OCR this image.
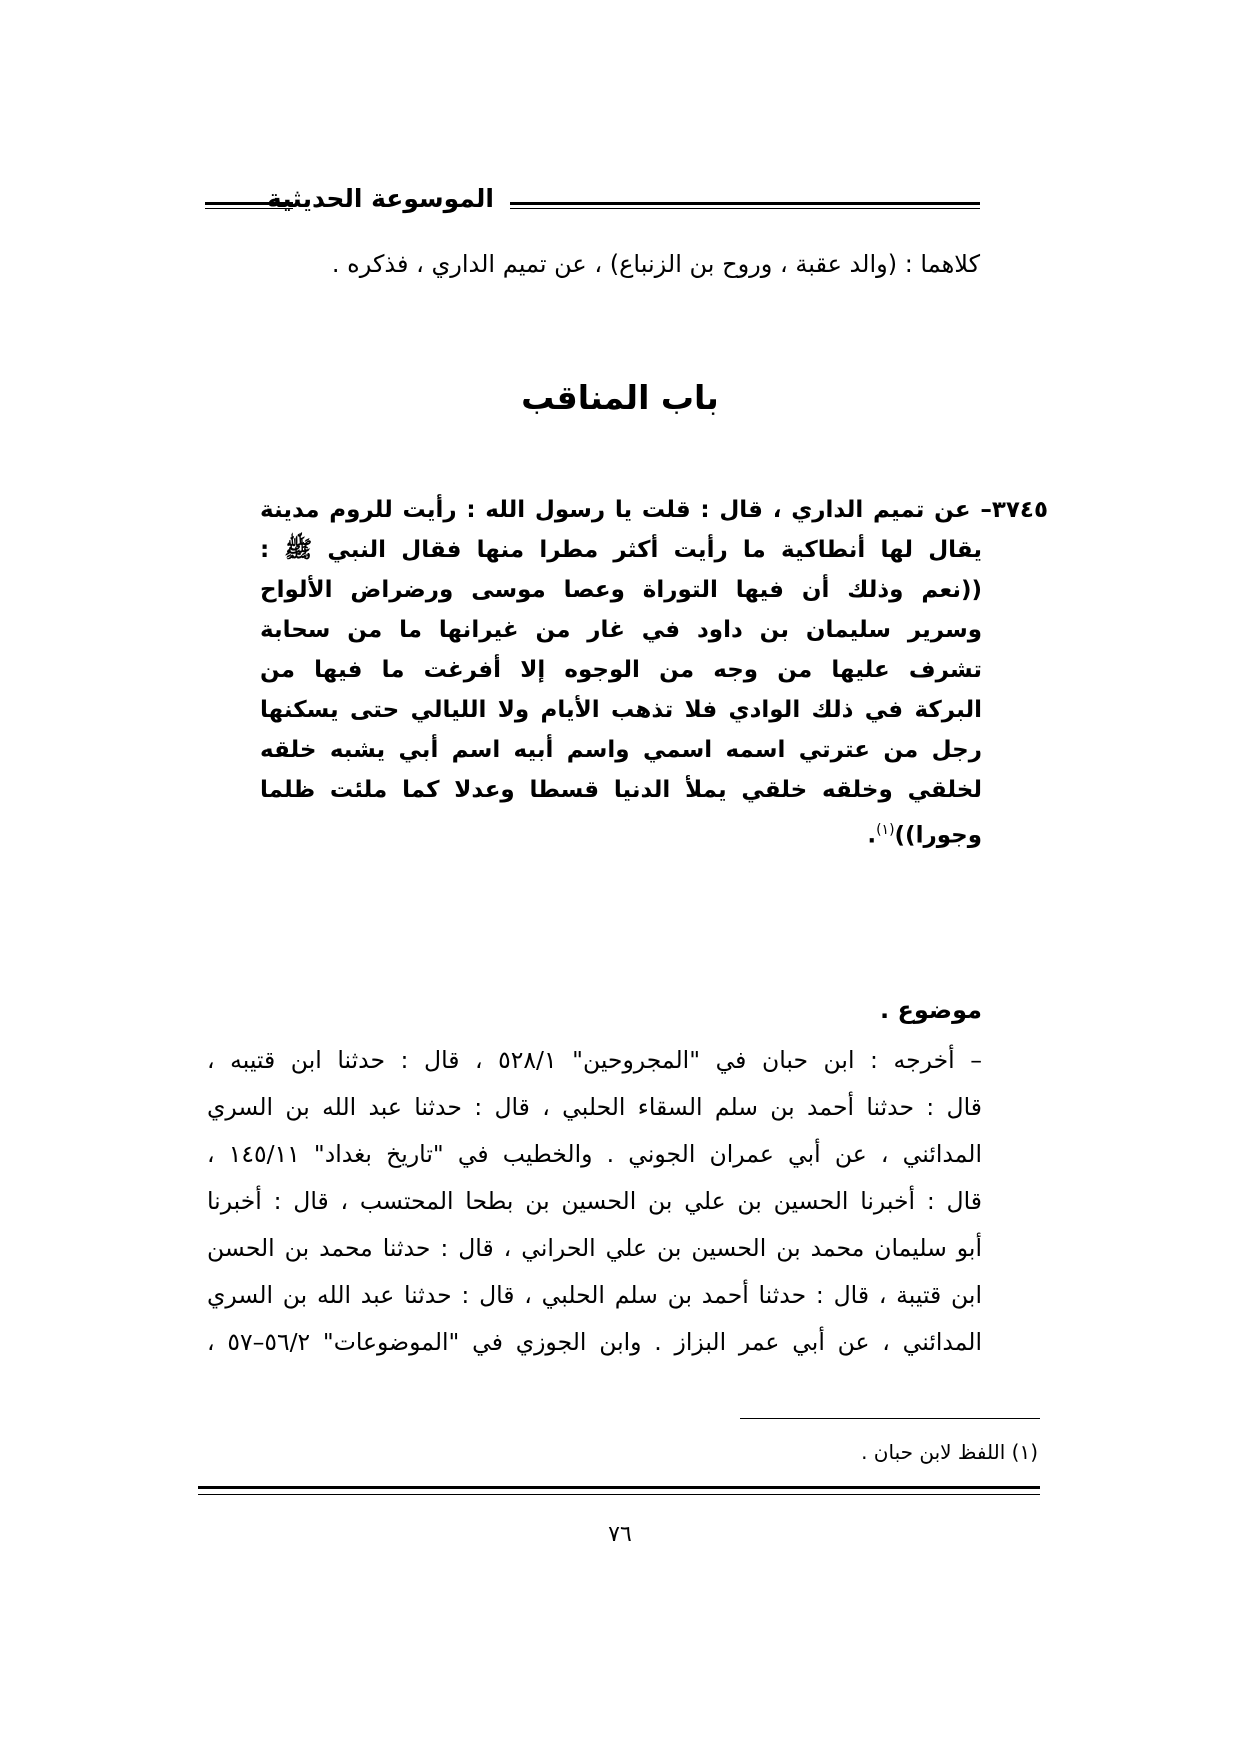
الموسوعة الحديثية
كلاهما : (والد عقبة ، وروح بن الزنباع) ، عن تميم الداري ، فذكره .
باب المناقب
٣٧٤٥– عن تميم الداري ، قال : قلت يا رسول الله : رأيت للروم مدينة
يقال لها أنطاكية ما رأيت أكثر مطرا منها فقال النبي ﷺ :
((نعم وذلك أن فيها التوراة وعصا موسى ورضراض الألواح
وسرير سليمان بن داود في غار من غيرانها ما من سحابة
تشرف عليها من وجه من الوجوه إلا أفرغت ما فيها من
البركة في ذلك الوادي فلا تذهب الأيام ولا الليالي حتى يسكنها
رجل من عترتي اسمه اسمي واسم أبيه اسم أبي يشبه خلقه
لخلقي وخلقه خلقي يملأ الدنيا قسطا وعدلا كما ملئت ظلما
وجورا))$^{(١)}$.
موضوع .
– أخرجه : ابن حبان في "المجروحين" ٥٢٨/١ ، قال : حدثنا ابن قتيبه ،
قال : حدثنا أحمد بن سلم السقاء الحلبي ، قال : حدثنا عبد الله بن السري
المدائني ، عن أبي عمران الجوني . والخطيب في "تاريخ بغداد" ١٤٥/١١ ،
قال : أخبرنا الحسين بن علي بن الحسين بن بطحا المحتسب ، قال : أخبرنا
أبو سليمان محمد بن الحسين بن علي الحراني ، قال : حدثنا محمد بن الحسن
ابن قتيبة ، قال : حدثنا أحمد بن سلم الحلبي ، قال : حدثنا عبد الله بن السري
المدائني ، عن أبي عمر البزاز . وابن الجوزي في "الموضوعات" ٥٦/٢–٥٧ ،
(١) اللفظ لابن حبان .
٧٦
